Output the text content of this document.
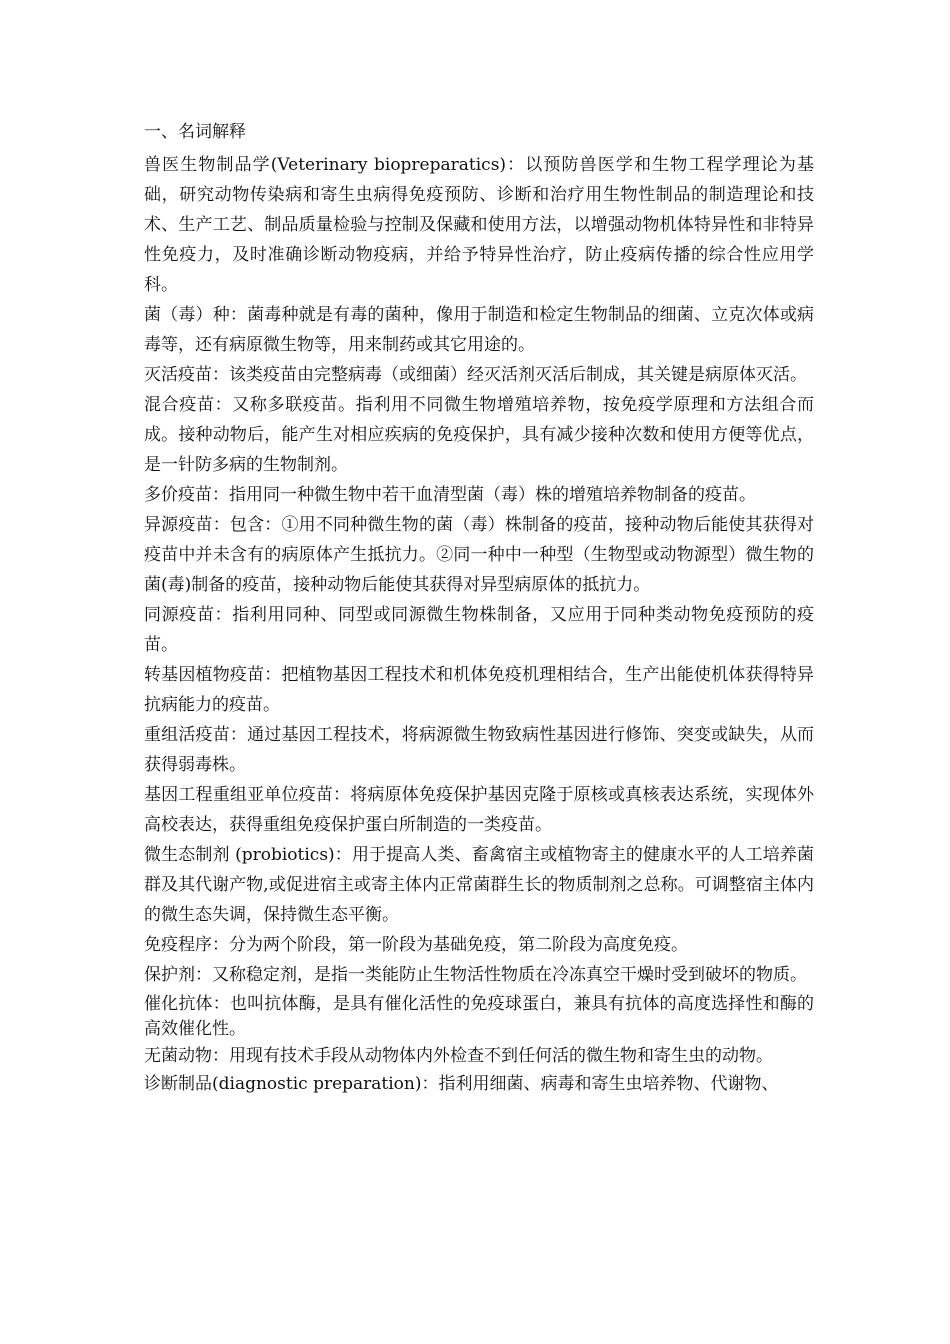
一、名词解释

兽医生物制品学(Veterinary biopreparatics)：以预防兽医学和生物工程学理论为基础，研究动物传染病和寄生虫病得免疫预防、诊断和治疗用生物性制品的制造理论和技术、生产工艺、制品质量检验与控制及保藏和使用方法，以增强动物机体特异性和非特异性免疫力，及时准确诊断动物疫病，并给予特异性治疗，防止疫病传播的综合性应用学科。

菌（毒）种：菌毒种就是有毒的菌种，像用于制造和检定生物制品的细菌、立克次体或病毒等，还有病原微生物等，用来制药或其它用途的。

灭活疫苗：该类疫苗由完整病毒（或细菌）经灭活剂灭活后制成，其关键是病原体灭活。

混合疫苗：又称多联疫苗。指利用不同微生物增殖培养物，按免疫学原理和方法组合而成。接种动物后，能产生对相应疾病的免疫保护，具有减少接种次数和使用方便等优点，是一针防多病的生物制剂。

多价疫苗：指用同一种微生物中若干血清型菌（毒）株的增殖培养物制备的疫苗。

异源疫苗：包含：①用不同种微生物的菌（毒）株制备的疫苗，接种动物后能使其获得对疫苗中并未含有的病原体产生抵抗力。②同一种中一种型（生物型或动物源型）微生物的菌(毒)制备的疫苗，接种动物后能使其获得对异型病原体的抵抗力。

同源疫苗：指利用同种、同型或同源微生物株制备，又应用于同种类动物免疫预防的疫苗。

转基因植物疫苗：把植物基因工程技术和机体免疫机理相结合，生产出能使机体获得特异抗病能力的疫苗。

重组活疫苗：通过基因工程技术，将病源微生物致病性基因进行修饰、突变或缺失，从而获得弱毒株。

基因工程重组亚单位疫苗：将病原体免疫保护基因克隆于原核或真核表达系统，实现体外高校表达，获得重组免疫保护蛋白所制造的一类疫苗。

微生态制剂 (probiotics)：用于提高人类、畜禽宿主或植物寄主的健康水平的人工培养菌群及其代谢产物,或促进宿主或寄主体内正常菌群生长的物质制剂之总称。可调整宿主体内的微生态失调，保持微生态平衡。

免疫程序：分为两个阶段，第一阶段为基础免疫，第二阶段为高度免疫。

保护剂：又称稳定剂，是指一类能防止生物活性物质在冷冻真空干燥时受到破坏的物质。

催化抗体：也叫抗体酶，是具有催化活性的免疫球蛋白，兼具有抗体的高度选择性和酶的高效催化性。

无菌动物：用现有技术手段从动物体内外检查不到任何活的微生物和寄生虫的动物。

诊断制品(diagnostic preparation)：指利用细菌、病毒和寄生虫培养物、代谢物、
